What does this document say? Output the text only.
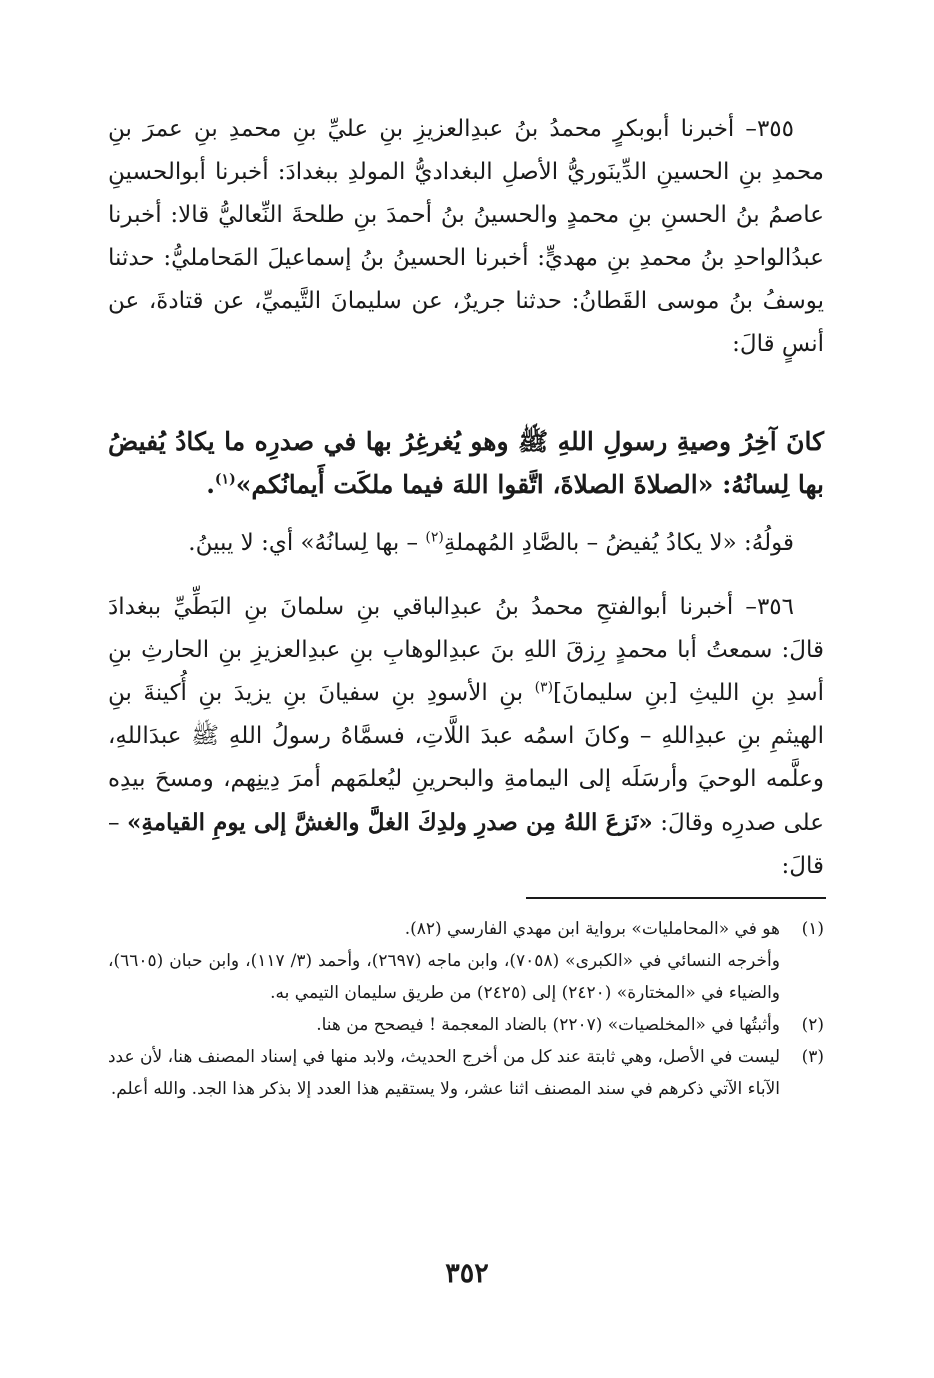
٣٥٥– أخبرنا أبوبكرٍ محمدُ بنُ عبدِالعزيزِ بنِ عليِّ بنِ محمدِ بنِ عمرَ بنِ محمدِ بنِ الحسينِ الدِّينَوريُّ الأصلِ البغداديُّ المولدِ ببغدادَ: أخبرنا أبوالحسينِ عاصمُ بنُ الحسنِ بنِ محمدٍ والحسينُ بنُ أحمدَ بنِ طلحةَ النِّعاليُّ قالا: أخبرنا عبدُالواحدِ بنُ محمدِ بنِ مهديٍّ: أخبرنا الحسينُ بنُ إسماعيلَ المَحامليُّ: حدثنا يوسفُ بنُ موسى القَطانُ: حدثنا جريرٌ، عن سليمانَ التَّيميِّ، عن قتادةَ، عن أنسٍ قالَ:

كانَ آخِرُ وصيةِ رسولِ اللهِ ﷺ وهو يُغرغِرُ بها في صدرِه ما يكادُ يُفيضُ بها لِسانُهُ: «الصلاةَ الصلاةَ، اتَّقوا اللهَ فيما ملكَت أَيمانُكم»$^{(١)}$.

قولُهُ: «لا يكادُ يُفيضُ – بالصَّادِ المُهملةِ$^{(٢)}$ – بها لِسانُهُ» أي: لا يبينُ.

٣٥٦– أخبرنا أبوالفتحِ محمدُ بنُ عبدِالباقي بنِ سلمانَ بنِ البَطِّيِّ ببغدادَ قالَ: سمعتُ أبا محمدٍ رِزقَ اللهِ بنَ عبدِالوهابِ بنِ عبدِالعزيزِ بنِ الحارثِ بنِ أسدِ بنِ الليثِ [بنِ سليمانَ]$^{(٣)}$ بنِ الأسودِ بنِ سفيانَ بنِ يزيدَ بنِ أُكينةَ بنِ الهيثمِ بنِ عبدِاللهِ – وكانَ اسمُه عبدَ اللَّاتِ، فسمَّاهُ رسولُ اللهِ ﷺ عبدَاللهِ، وعلَّمه الوحيَ وأرسَلَه إلى اليمامةِ والبحرينِ ليُعلمَهم أمرَ دِينِهم، ومسحَ بيدِه على صدرِه وقالَ: «نَزعَ اللهُ مِن صدرِ ولدِكَ الغلَّ والغشَّ إلى يومِ القيامةِ» – قالَ:

(١)
هو في «المحامليات» برواية ابن مهدي الفارسي (٨٢).
وأخرجه النسائي في «الكبرى» (٧٠٥٨)، وابن ماجه (٢٦٩٧)، وأحمد (٣/ ١١٧)، وابن حبان (٦٦٠٥)، والضياء في «المختارة» (٢٤٢٠) إلى (٢٤٢٥) من طريق سليمان التيمي به.
(٢)
وأثبتُها في «المخلصيات» (٢٢٠٧) بالضاد المعجمة ! فيصحح من هنا.
(٣)
ليست في الأصل، وهي ثابتة عند كل من أخرج الحديث، ولابد منها في إسناد المصنف هنا، لأن عدد الآباء الآتي ذكرهم في سند المصنف اثنا عشر، ولا يستقيم هذا العدد إلا بذكر هذا الجد. والله أعلم.
٣٥٢
